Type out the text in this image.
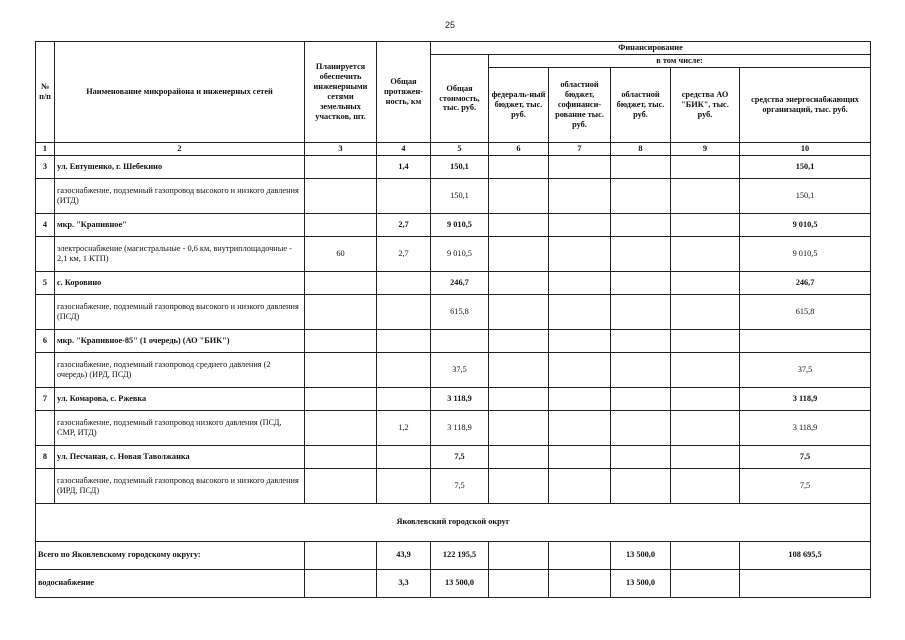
25
№ п/п	Наименование микрорайона и инженерных сетей	Планируется обеспечить инженерными сетями земельных участков, шт.	Общая протяжен-ность, км	Финансирование					
				Общая стоимость, тыс. руб.	в том числе:				
					федераль-ный бюджет, тыс. руб.	областной бюджет, софинанси-рование тыс. руб.	областной бюджет, тыс. руб.	средства АО "БИК", тыс. руб.	средства энергоснабжающих организаций, тыс. руб.
1	2	3	4	5	6	7	8	9	10
3	ул. Евтушенко, г. Шебекино		1,4	150,1					150,1
	газоснабжение, подземный газопровод высокого и низкого давления (ИТД)			150,1					150,1
4	мкр. "Крапивное"		2,7	9 010,5					9 010,5
	электроснабжение (магистральные - 0,6 км, внутриплощадочные - 2,1 км, 1 КТП)	60	2,7	9 010,5					9 010,5
5	с. Коровино			246,7					246,7
	газоснабжение, подземный газопровод высокого и низкого давления (ПСД)			615,8					615,8
6	мкр. "Крапивное-85" (1 очередь) (АО "БИК")								
	газоснабжение, подземный газопровод среднего давления (2 очередь) (ИРД, ПСД)			37,5					37,5
7	ул. Комарова, с. Ржевка			3 118,9					3 118,9
	газоснабжение, подземный газопровод низкого давления (ПСД, СМР, ИТД)		1,2	3 118,9					3 118,9
8	ул. Песчаная, с. Новая Таволжанка			7,5					7,5
	газоснабжение, подземный газопровод высокого и низкого давления (ИРД, ПСД)			7,5					7,5
Яковлевский городской округ									
Всего по Яковлевскому городскому округу:			43,9	122 195,5			13 500,0		108 695,5
водоснабжение			3,3	13 500,0			13 500,0		
